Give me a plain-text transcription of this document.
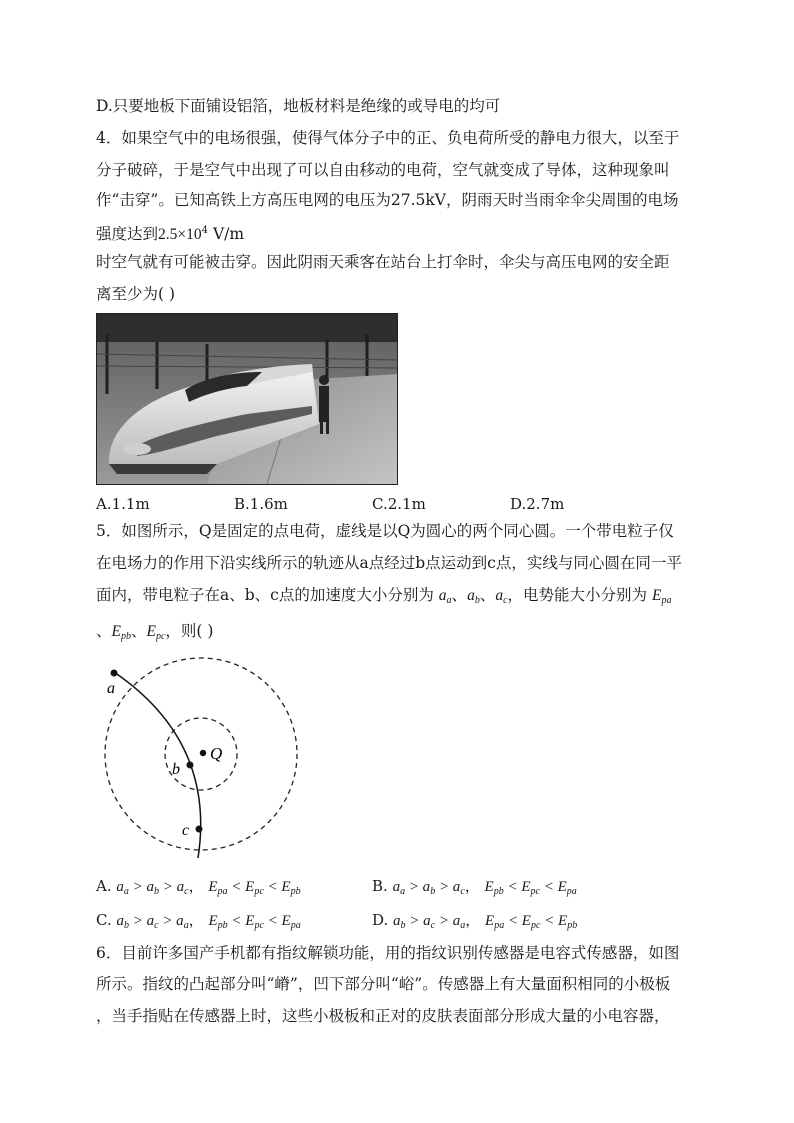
D.只要地板下面铺设铝箔，地板材料是绝缘的或导电的均可
4．如果空气中的电场很强，使得气体分子中的正、负电荷所受的静电力很大，以至于
分子破碎，于是空气中出现了可以自由移动的电荷，空气就变成了导体，这种现象叫
作“击穿”。已知高铁上方高压电网的电压为27.5kV，阴雨天时当雨伞伞尖周围的电场
强度达到$2.5\times 10^4$ V/m
时空气就有可能被击穿。因此阴雨天乘客在站台上打伞时，伞尖与高压电网的安全距
离至少为( )
A.1.1m	B.1.6m	C.2.1m	D.2.7m
5．如图所示，Q是固定的点电荷，虚线是以Q为圆心的两个同心圆。一个带电粒子仅
在电场力的作用下沿实线所示的轨迹从a点经过b点运动到c点，实线与同心圆在同一平
面内，带电粒子在a、b、c点的加速度大小分别为 $a_a$、$a_b$、$a_c$，电势能大小分别为 $E_{pa}$
、$E_{pb}$、$E_{pc}$，则( )
a
b
c
Q
A. $a_a > a_b > a_c$， $E_{pa} < E_{pc} < E_{pb}$	B. $a_a > a_b > a_c$， $E_{pb} < E_{pc} < E_{pa}$
C. $a_b > a_c > a_a$， $E_{pb} < E_{pc} < E_{pa}$	D. $a_b > a_c > a_a$， $E_{pa} < E_{pc} < E_{pb}$
6．目前许多国产手机都有指纹解锁功能，用的指纹识别传感器是电容式传感器，如图
所示。指纹的凸起部分叫“嵴”，凹下部分叫“峪”。传感器上有大量面积相同的小极板
，当手指贴在传感器上时，这些小极板和正对的皮肤表面部分形成大量的小电容器，
